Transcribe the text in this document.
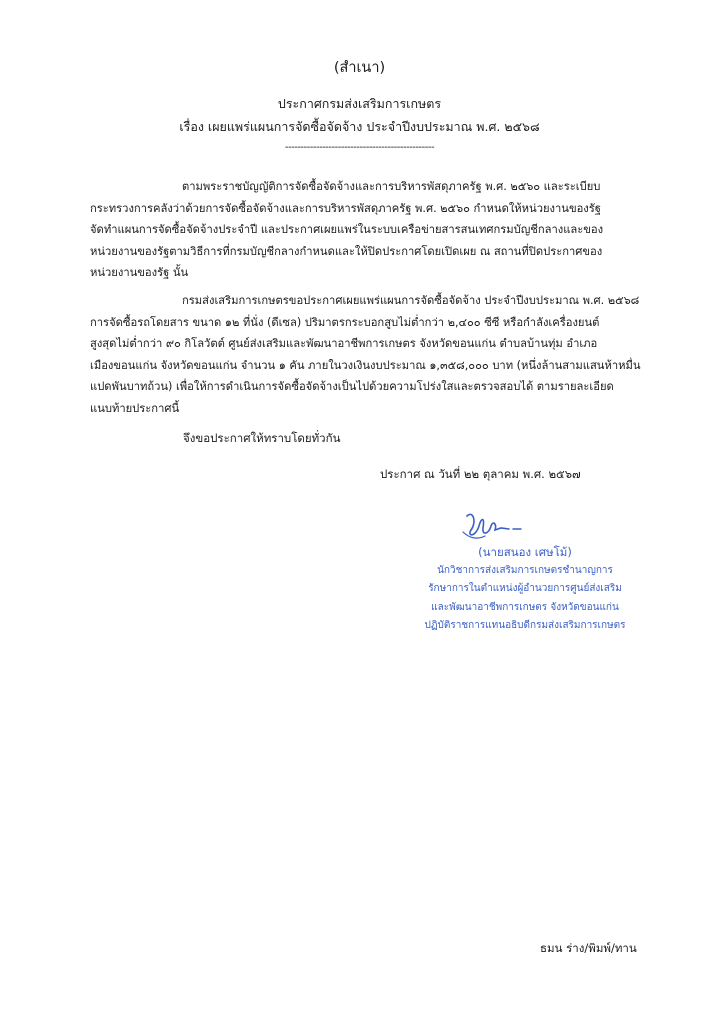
(สำเนา)
ประกาศกรมส่งเสริมการเกษตร
เรื่อง เผยแพร่แผนการจัดซื้อจัดจ้าง ประจำปีงบประมาณ พ.ศ. ๒๕๖๘
------------------------------------------------
ตามพระราชบัญญัติการจัดซื้อจัดจ้างและการบริหารพัสดุภาครัฐ พ.ศ. ๒๕๖๐ และระเบียบ
กระทรวงการคลังว่าด้วยการจัดซื้อจัดจ้างและการบริหารพัสดุภาครัฐ พ.ศ. ๒๕๖๐ กำหนดให้หน่วยงานของรัฐ
จัดทำแผนการจัดซื้อจัดจ้างประจำปี และประกาศเผยแพร่ในระบบเครือข่ายสารสนเทศกรมบัญชีกลางและของ
หน่วยงานของรัฐตามวิธีการที่กรมบัญชีกลางกำหนดและให้ปิดประกาศโดยเปิดเผย ณ สถานที่ปิดประกาศของ
หน่วยงานของรัฐ นั้น
กรมส่งเสริมการเกษตรขอประกาศเผยแพร่แผนการจัดซื้อจัดจ้าง ประจำปีงบประมาณ พ.ศ. ๒๕๖๘
การจัดซื้อรถโดยสาร ขนาด ๑๒ ที่นั่ง (ดีเซล) ปริมาตรกระบอกสูบไม่ต่ำกว่า ๒,๔๐๐ ซีซี หรือกำลังเครื่องยนต์
สูงสุดไม่ต่ำกว่า ๙๐ กิโลวัตต์ ศูนย์ส่งเสริมและพัฒนาอาชีพการเกษตร จังหวัดขอนแก่น ตำบลบ้านทุ่ม อำเภอ
เมืองขอนแก่น จังหวัดขอนแก่น จำนวน ๑ คัน ภายในวงเงินงบประมาณ ๑,๓๕๘,๐๐๐ บาท (หนึ่งล้านสามแสนห้าหมื่น
แปดพันบาทถ้วน) เพื่อให้การดำเนินการจัดซื้อจัดจ้างเป็นไปด้วยความโปร่งใสและตรวจสอบได้ ตามรายละเอียด
แนบท้ายประกาศนี้
จึงขอประกาศให้ทราบโดยทั่วกัน
ประกาศ ณ วันที่ ๒๒ ตุลาคม พ.ศ. ๒๕๖๗
(นายสนอง เศษโม้)
นักวิชาการส่งเสริมการเกษตรชำนาญการ
รักษาการในตำแหน่งผู้อำนวยการศูนย์ส่งเสริม
และพัฒนาอาชีพการเกษตร จังหวัดขอนแก่น
ปฏิบัติราชการแทนอธิบดีกรมส่งเสริมการเกษตร
ธมน ร่าง/พิมพ์/ทาน
